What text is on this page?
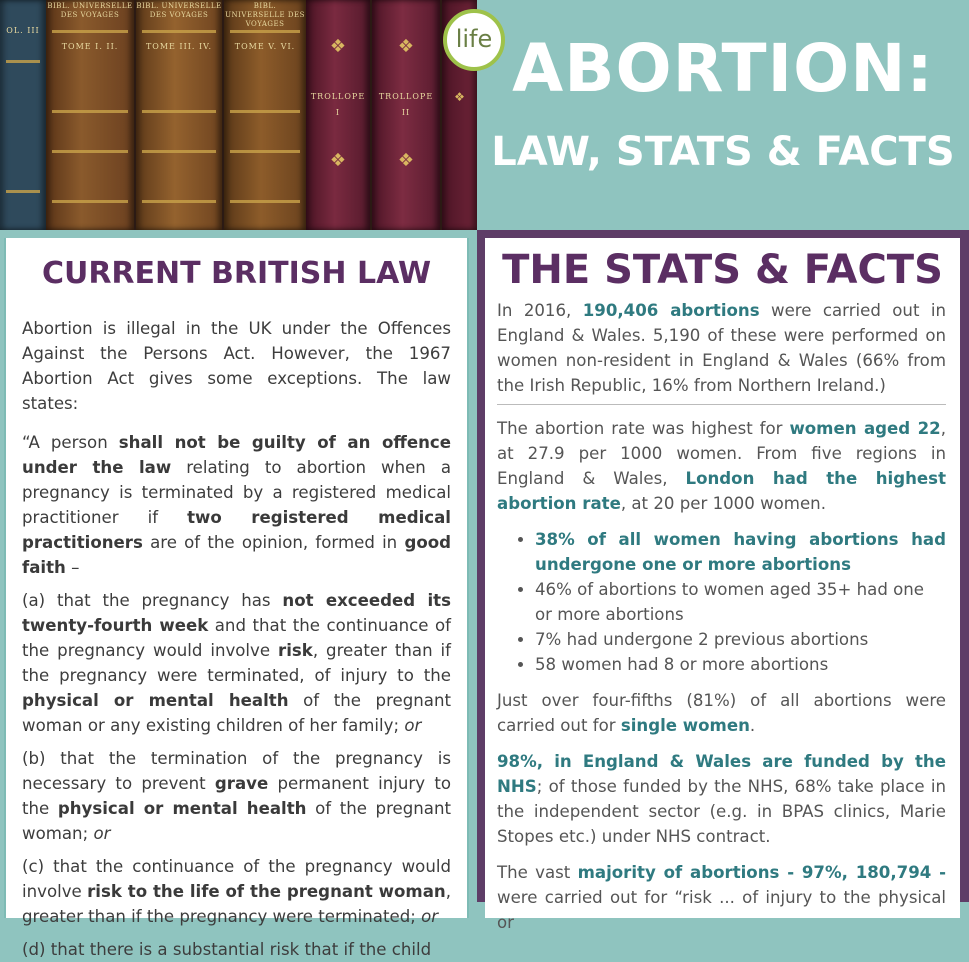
OL. III
BIBL. UNIVERSELLE DES VOYAGES
TOME I. II.
BIBL. UNIVERSELLE DES VOYAGES
TOME III. IV.
BIBL. UNIVERSELLE DES VOYAGES
TOME V. VI.	❖
TROLLOPE
I
❖
❖
TROLLOPE
II
❖
❖ ABORTION:
LAW, STATS & FACTS
life
CURRENT BRITISH LAW

Abortion is illegal in the UK under the Offences Against the Persons Act. However, the 1967 Abortion Act gives some exceptions. The law states:

“A person shall not be guilty of an offence under the law relating to abortion when a pregnancy is terminated by a registered medical practitioner if two registered medical practitioners are of the opinion, formed in good faith –

(a) that the pregnancy has not exceeded its twenty-fourth week and that the continuance of the pregnancy would involve risk, greater than if the pregnancy were terminated, of injury to the physical or mental health of the pregnant woman or any existing children of her family; or

(b) that the termination of the pregnancy is necessary to prevent grave permanent injury to the physical or mental health of the pregnant woman; or

(c) that the continuance of the pregnancy would involve risk to the life of the pregnant woman, greater than if the pregnancy were terminated; or

(d) that there is a substantial risk that if the child

THE STATS & FACTS

In 2016, 190,406 abortions were carried out in England & Wales. 5,190 of these were performed on women non-resident in England & Wales (66% from the Irish Republic, 16% from Northern Ireland.)

The abortion rate was highest for women aged 22, at 27.9 per 1000 women. From five regions in England & Wales, London had the highest abortion rate, at 20 per 1000 women.

• 38% of all women having abortions had undergone one or more abortions
• 46% of abortions to women aged 35+ had one or more abortions
• 7% had undergone 2 previous abortions
• 58 women had 8 or more abortions

Just over four-fifths (81%) of all abortions were carried out for single women.

98%, in England & Wales are funded by the NHS; of those funded by the NHS, 68% take place in the independent sector (e.g. in BPAS clinics, Marie Stopes etc.) under NHS contract.

The vast majority of abortions - 97%, 180,794 - were carried out for “risk ... of injury to the physical or
